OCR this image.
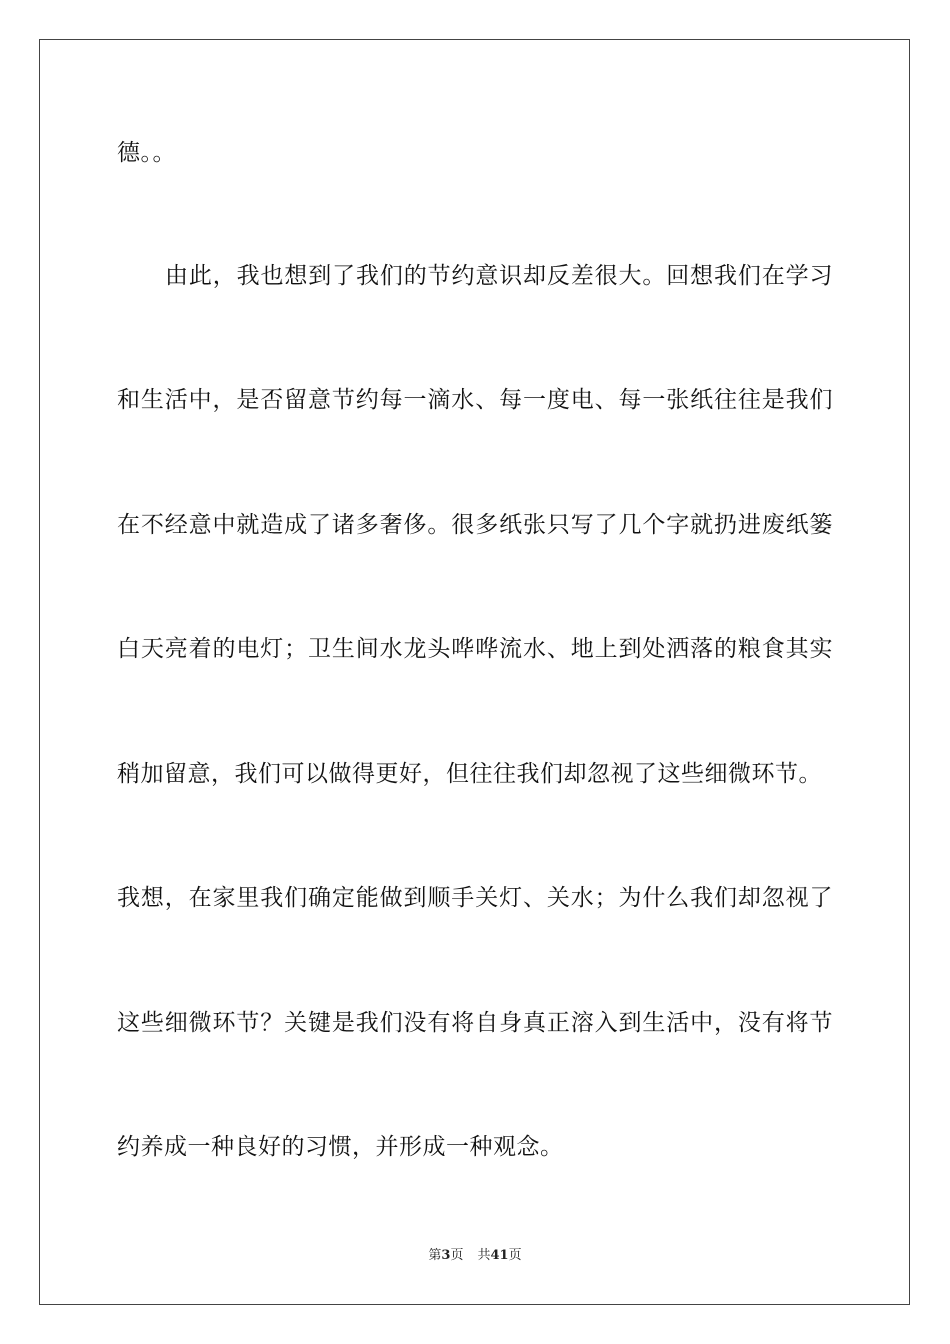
德。。
由此，我也想到了我们的节约意识却反差很大。回想我们在学习
和生活中，是否留意节约每一滴水、每一度电、每一张纸往往是我们
在不经意中就造成了诸多奢侈。很多纸张只写了几个字就扔进废纸篓
白天亮着的电灯；卫生间水龙头哗哗流水、地上到处洒落的粮食其实
稍加留意，我们可以做得更好，但往往我们却忽视了这些细微环节。
我想，在家里我们确定能做到顺手关灯、关水；为什么我们却忽视了
这些细微环节？关键是我们没有将自身真正溶入到生活中，没有将节
约养成一种良好的习惯，并形成一种观念。
第3页 共41页
